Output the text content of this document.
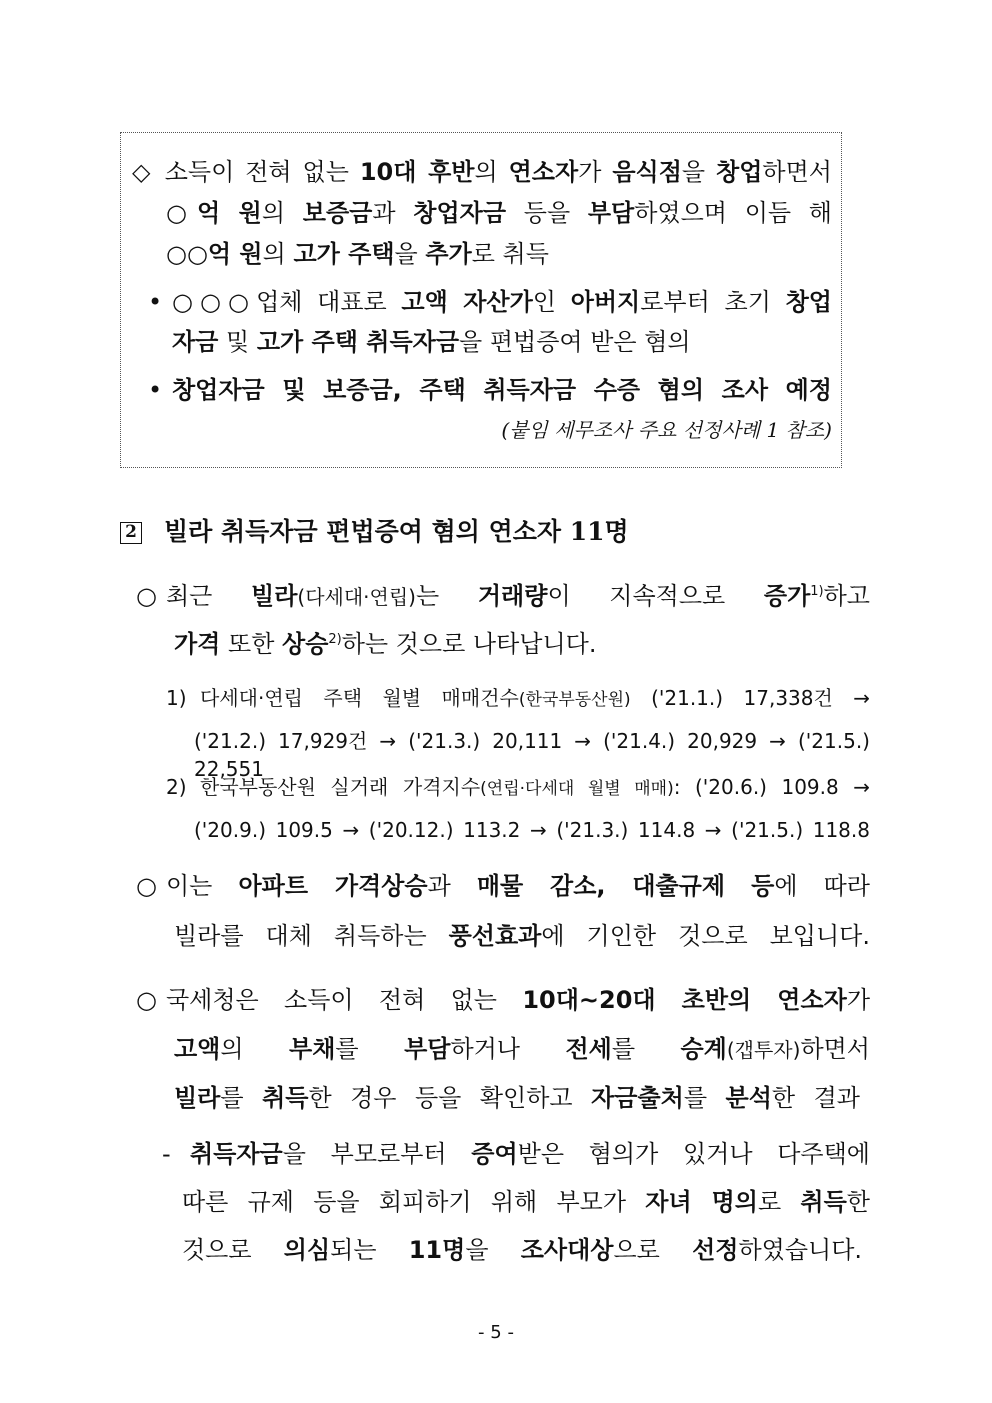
◇ 소득이 전혀 없는 10대 후반의 연소자가 음식점을 창업하면서
○억 원의 보증금과 창업자금 등을 부담하였으며 이듬 해
○○억 원의 고가 주택을 추가로 취득
• ○○○업체 대표로 고액 자산가인 아버지로부터 초기 창업
자금 및 고가 주택 취득자금을 편법증여 받은 혐의
• 창업자금 및 보증금, 주택 취득자금 수증 혐의 조사 예정
(붙임 세무조사 주요 선정사례 1 참조)
2 빌라 취득자금 편법증여 혐의 연소자 11명
○ 최근 빌라(다세대·연립)는 거래량이 지속적으로 증가$^{1)}$하고
가격 또한 상승$^{2)}$하는 것으로 나타납니다.
1) 다세대·연립 주택 월별 매매건수(한국부동산원) ('21.1.) 17,338건 →
('21.2.) 17,929건 → ('21.3.) 20,111 → ('21.4.) 20,929 → ('21.5.) 22,551
2) 한국부동산원 실거래 가격지수(연립·다세대 월별 매매): ('20.6.) 109.8 →
('20.9.) 109.5 → ('20.12.) 113.2 → ('21.3.) 114.8 → ('21.5.) 118.8
○ 이는 아파트 가격상승과 매물 감소, 대출규제 등에 따라
빌라를 대체 취득하는 풍선효과에 기인한 것으로 보입니다.
○ 국세청은 소득이 전혀 없는 10대~20대 초반의 연소자가
고액의 부채를 부담하거나 전세를 승계(갭투자)하면서
빌라를 취득한 경우 등을 확인하고 자금출처를 분석한 결과
- 취득자금을 부모로부터 증여받은 혐의가 있거나 다주택에
따른 규제 등을 회피하기 위해 부모가 자녀 명의로 취득한
것으로 의심되는 11명을 조사대상으로 선정하였습니다.
- 5 -
